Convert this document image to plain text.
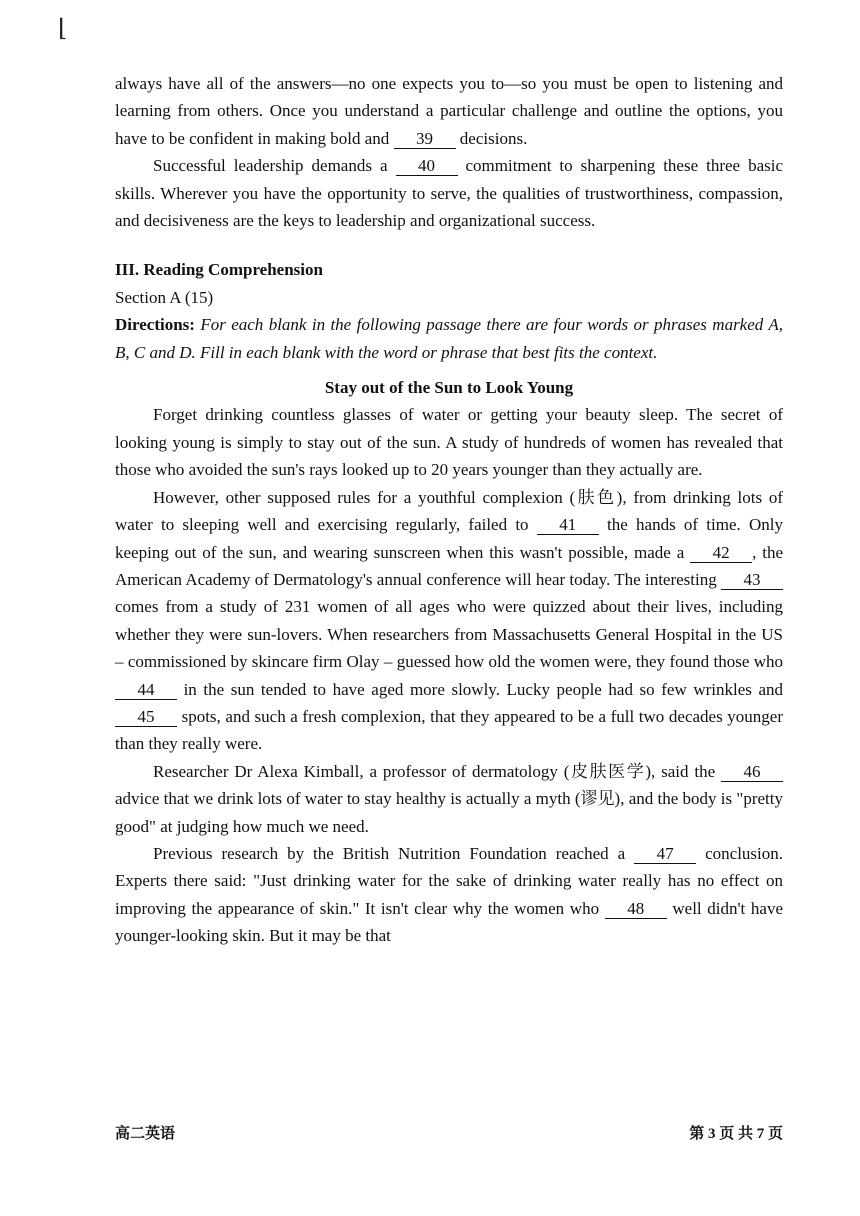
⌊

always have all of the answers—no one expects you to—so you must be open to listening and learning from others. Once you understand a particular challenge and outline the options, you have to be confident in making bold and 39 decisions.

Successful leadership demands a 40 commitment to sharpening these three basic skills. Wherever you have the opportunity to serve, the qualities of trustworthiness, compassion, and decisiveness are the keys to leadership and organizational success.

III. Reading Comprehension

Section A (15)

Directions: For each blank in the following passage there are four words or phrases marked A, B, C and D. Fill in each blank with the word or phrase that best fits the context.

Stay out of the Sun to Look Young

Forget drinking countless glasses of water or getting your beauty sleep. The secret of looking young is simply to stay out of the sun. A study of hundreds of women has revealed that those who avoided the sun's rays looked up to 20 years younger than they actually are.

However, other supposed rules for a youthful complexion (肤色), from drinking lots of water to sleeping well and exercising regularly, failed to 41 the hands of time. Only keeping out of the sun, and wearing sunscreen when this wasn't possible, made a 42 , the American Academy of Dermatology's annual conference will hear today. The interesting 43 comes from a study of 231 women of all ages who were quizzed about their lives, including whether they were sun-lovers. When researchers from Massachusetts General Hospital in the US – commissioned by skincare firm Olay – guessed how old the women were, they found those who 44 in the sun tended to have aged more slowly. Lucky people had so few wrinkles and 45 spots, and such a fresh complexion, that they appeared to be a full two decades younger than they really were.

Researcher Dr Alexa Kimball, a professor of dermatology (皮肤医学), said the 46 advice that we drink lots of water to stay healthy is actually a myth (谬见), and the body is "pretty good" at judging how much we need.

Previous research by the British Nutrition Foundation reached a 47 conclusion. Experts there said: "Just drinking water for the sake of drinking water really has no effect on improving the appearance of skin." It isn't clear why the women who 48 well didn't have younger-looking skin. But it may be that

高二英语	第 3 页 共 7 页
